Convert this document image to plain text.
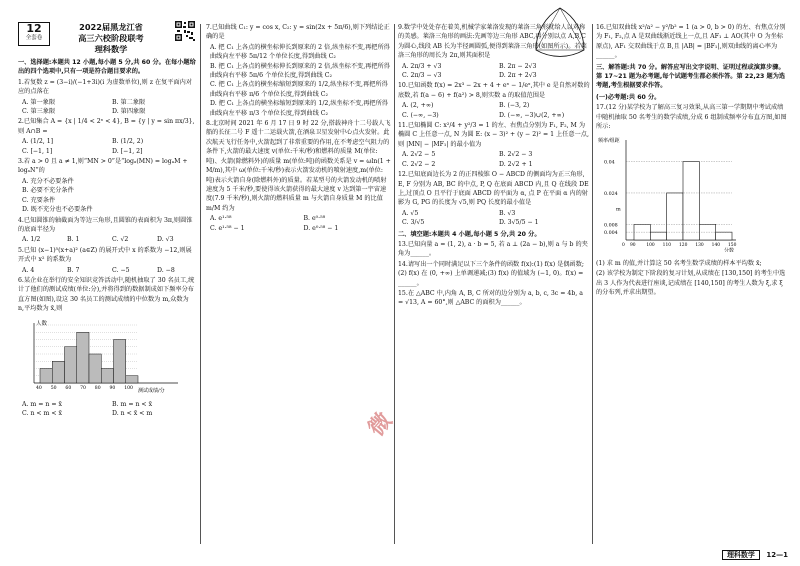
12
全套卷
2022届黑龙江省
高三六校阶段联考
理科数学
一、选择题:本题共 12 小题,每小题 5 分,共 60 分。在每小题给出的四个选项中,只有一项是符合题目要求的。

1.若复数 z = (3−i)/(−1+3i)(i 为虚数单位),则 z 在复平面内对应的点落在

A. 第一象限	B. 第二象限
C. 第三象限	D. 第四象限

2.已知集合 A = {x | 1/4 < 2ˣ < 4}, B = {y | y = sin πx/3},则 A∩B =

A. (1/2, 1]	B. (1/2, 2)
C. [−1, 1]	D. [−1, 2]

3.若 a > 0 且 a ≠ 1,则“MN > 0”是“logₐ(MN) = logₐM + logₐN”的

A. 充分不必要条件
B. 必要不充分条件
C. 充要条件
D. 既不充分也不必要条件

4.已知圆锥的轴截面为等边三角形,且圆锥的表面积为 3π,则圆锥的底面半径为

A. 1/2	B. 1	C. √2	D. √3

5.已知 (x−1)⁵(x+a)² (a∈Z) 的展开式中 x 的系数为 −12,则展开式中 x² 的系数为

A. 4	B. 7	C. −5	D. −8

6.某企业在举行的安全知识竞答活动中,随机抽取了 30 名员工,统计了他们的测试成绩(单位:分),并将得到的数据制成如下频率分布直方图(如图),设这 30 名员工的测试成绩的中位数为 m,众数为 n,平均数为 x̄,则

人数
测试成绩/分
40 50 60 70 80 90 100
A. m = n = x̄	B. m = n < x̄
C. n < m < x̄	D. n < x̄ < m

7.已知曲线 C₁: y = cos x, C₂: y = sin(2x + 5π/6),则下列结论正确的是

A. 把 C₁ 上各点的横坐标伸长到原来的 2 倍,纵坐标不变,再把所得曲线向左平移 5π/12 个单位长度,得到曲线 C₂
B. 把 C₁ 上各点的横坐标伸长到原来的 2 倍,纵坐标不变,再把所得曲线向右平移 5π/6 个单位长度,得到曲线 C₂
C. 把 C₁ 上各点的横坐标缩短到原来的 1/2,纵坐标不变,再把所得曲线向右平移 π/6 个单位长度,得到曲线 C₂
D. 把 C₁ 上各点的横坐标缩短到原来的 1/2,纵坐标不变,再把所得曲线向左平移 π/3 个单位长度,得到曲线 C₂

8.北京时间 2021 年 6 月 17 日 9 时 22 分,搭载神舟十二号载人飞船的长征二号 F 遥十二运载火箭,在酒泉卫星发射中心点火发射。此次航天飞行任务中,火箭起到了非常重要的作用,在不考虑空气阻力的条件下,火箭的最大速度 v(单位:千米/秒)和燃料的质量 M(单位:吨)、火箭(除燃料外)的质量 m(单位:吨)的函数关系是 v = ωln(1 + M/m),其中 ω(单位:千米/秒)表示火箭发动机的喷射速度,m(单位:吨)表示火箭自身(除燃料外)的质量。若某型号的火箭发动机的喷射速度为 5 千米/秒,要使得该火箭获得的最大速度 v 达到第一宇宙速度(7.9 千米/秒),则火箭的燃料质量 m 与火箭自身质量 M 的比值 m/M 约为

A. e¹·⁵⁸	B. e⁰·⁵⁸
C. e¹·⁵⁸ − 1	D. e⁰·⁵⁸ − 1

9.数学中处处存在着美,机械学家莱洛发现的莱洛三角形就给人以对称的美感。莱洛三角形的画法:先画等边三角形 ABC,再分别以点 A,B,C 为圆心,线段 AB 长为半径画圆弧,便得到莱洛三角形(如图所示)。若莱洛三角形的周长为 2π,则其面积是

A. 2π/3 + √3	B. 2π − 2√3
C. 2π/3 − √3	D. 2π + 2√3

10.已知函数 f(x) = 2x³ − 2x + 4 + eˣ − 1/eˣ,其中 e 是自然对数的底数,若 f(a − 6) + f(a²) > 8,则实数 a 的取值范围是

A. (2, +∞)	B. (−3, 2)
C. (−∞, −3)	D. (−∞, −3)∪(2, +∞)

11.已知椭圆 C: x²/4 + y²/3 = 1 的左、右焦点分别为 F₁, F₂, M 为椭圆 C 上任意一点, N 为圆 E: (x − 3)² + (y − 2)² = 1 上任意一点,则 |MN| − |MF₁| 的最小值为

A. 2√2 − 5	B. 2√2 − 3
C. 2√2 − 2	D. 2√2 + 1

12.已知底面边长为 2 的正四棱锥 O − ABCD 的侧面均为正三角形, E, F 分别为 AB, BC 的中点, P, Q 在底面 ABCD 内,且 Q 在线段 DE 上,过顶点 O 且平行于底面 ABCD 的平面为 α, 点 P 在平面 α 内的射影为 G, PG 的长度为 √5,则 PQ 长度的最小值是

A. √5	B. √3
C. 3/√5	D. 3√5/5 − 1
二、填空题:本题共 4 小题,每小题 5 分,共 20 分。

13.已知向量 a = (1, 2), a · b = 5, 若 a ⊥ (2a − b),则 a 与 b 的夹角为______。

14.请写出一个同时满足以下三个条件的函数 f(x):(1) f(x) 是偶函数;(2) f(x) 在 (0, +∞) 上单调递减;(3) f(x) 的值域为 (−1, 0)。f(x) = ______。

15.在 △ABC 中,内角 A, B, C 所对的边分别为 a, b, c, 3c = 4b, a = √13, A = 60°,则 △ABC 的面积为______。

16.已知双曲线 x²/a² − y²/b² = 1 (a > 0, b > 0) 的左、右焦点分别为 F₁, F₂,点 A 是双曲线渐近线上一点,且 AF₁ ⊥ AO(其中 O 为坐标原点), AF₁ 交双曲线于点 B,且 |AB| = |BF₁|,则双曲线的离心率为______。

三、解答题:共 70 分。解答应写出文字说明、证明过程或演算步骤。第 17~21 题为必考题,每个试题考生都必须作答。第 22,23 题为选考题,考生根据要求作答。
(一)必考题:共 60 分。

17.(12 分)某学校为了解高三复习效果,从高三第一学期期中考试成绩中随机抽取 50 名考生的数学成绩,分成 6 组制成频率分布直方图,如图所示:

频率/组距
分数
0.004
0.008
0.024
0.04
m
0 90 100 110 120 130 140 150

(1) 求 m 的值,并计算这 50 名考生数学成绩的样本平均数 x̄;

(2) 该学校为制定下阶段的复习计划,从成绩在 [130,150] 的考生中选出 3 人作为代表进行座谈,记成绩在 [140,150] 的考生人数为 ξ,求 ξ 的分布列,并求出期望。

微
理科数学 12—1
